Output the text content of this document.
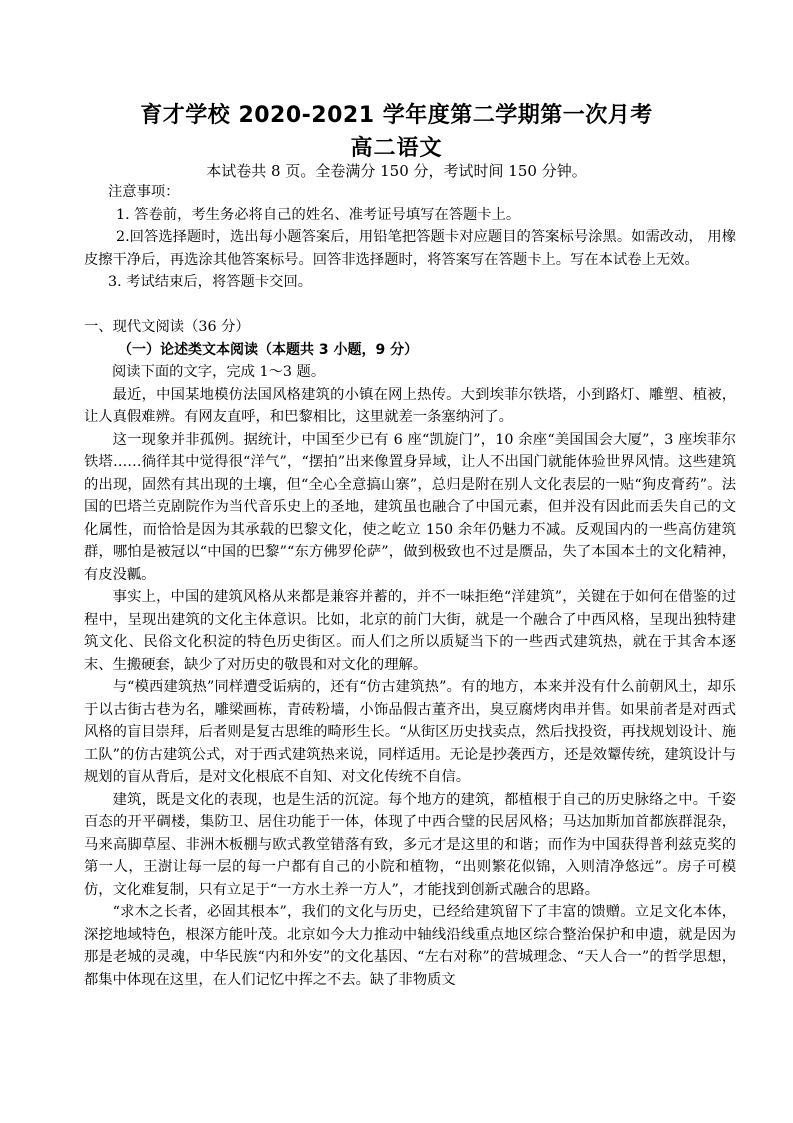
育才学校 2020-2021 学年度第二学期第一次月考
高二语文
本试卷共 8 页。全卷满分 150 分，考试时间 150 分钟。

注意事项：

1. 答卷前，考生务必将自己的姓名、准考证号填写在答题卡上。

2.回答选择题时，选出每小题答案后，用铅笔把答题卡对应题目的答案标号涂黑。如需改动， 用橡皮擦干净后，再选涂其他答案标号。回答非选择题时，将答案写在答题卡上。写在本试卷上无效。

3. 考试结束后，将答题卡交回。

一、现代文阅读（36 分）

（一）论述类文本阅读（本题共 3 小题，9 分）

阅读下面的文字，完成 1～3 题。

最近，中国某地模仿法国风格建筑的小镇在网上热传。大到埃菲尔铁塔，小到路灯、雕塑、植被，让人真假难辨。有网友直呼，和巴黎相比，这里就差一条塞纳河了。

这一现象并非孤例。据统计，中国至少已有 6 座“凯旋门”，10 余座“美国国会大厦”，3 座埃菲尔铁塔……徜徉其中觉得很“洋气”，“摆拍”出来像置身异域，让人不出国门就能体验世界风情。这些建筑的出现，固然有其出现的土壤，但“全心全意搞山寨”，总归是附在别人文化表层的一贴“狗皮膏药”。法国的巴塔兰克剧院作为当代音乐史上的圣地，建筑虽也融合了中国元素，但并没有因此而丢失自己的文化属性，而恰恰是因为其承载的巴黎文化，使之屹立 150 余年仍魅力不减。反观国内的一些高仿建筑群，哪怕是被冠以“中国的巴黎”“东方佛罗伦萨”，做到极致也不过是赝品，失了本国本土的文化精神，有皮没瓤。

事实上，中国的建筑风格从来都是兼容并蓄的，并不一味拒绝“洋建筑”，关键在于如何在借鉴的过程中，呈现出建筑的文化主体意识。比如，北京的前门大街，就是一个融合了中西风格，呈现出独特建筑文化、民俗文化积淀的特色历史街区。而人们之所以质疑当下的一些西式建筑热，就在于其舍本逐末、生搬硬套，缺少了对历史的敬畏和对文化的理解。

与“模西建筑热”同样遭受诟病的，还有“仿古建筑热”。有的地方，本来并没有什么前朝风土，却乐于以古街古巷为名，雕梁画栋，青砖粉墙，小饰品假古董齐出，臭豆腐烤肉串并售。如果前者是对西式风格的盲目崇拜，后者则是复古思维的畸形生长。“从街区历史找卖点，然后找投资，再找规划设计、施工队”的仿古建筑公式，对于西式建筑热来说，同样适用。无论是抄袭西方，还是效颦传统，建筑设计与规划的盲从背后，是对文化根底不自知、对文化传统不自信。

建筑，既是文化的表现，也是生活的沉淀。每个地方的建筑，都植根于自己的历史脉络之中。千姿百态的开平碉楼，集防卫、居住功能于一体，体现了中西合璧的民居风格；马达加斯加首都族群混杂，马来高脚草屋、非洲木板棚与欧式教堂错落有致，多元才是这里的和谐；而作为中国获得普利兹克奖的第一人，王澍让每一层的每一户都有自己的小院和植物，“出则繁花似锦，入则清净悠远”。房子可模仿，文化难复制，只有立足于“一方水土养一方人”，才能找到创新式融合的思路。

“求木之长者，必固其根本”，我们的文化与历史，已经给建筑留下了丰富的馈赠。立足文化本体，深挖地域特色，根深方能叶茂。北京如今大力推动中轴线沿线重点地区综合整治保护和申遗，就是因为那是老城的灵魂，中华民族“内和外安”的文化基因、“左右对称”的营城理念、“天人合一”的哲学思想，都集中体现在这里，在人们记忆中挥之不去。缺了非物质文
